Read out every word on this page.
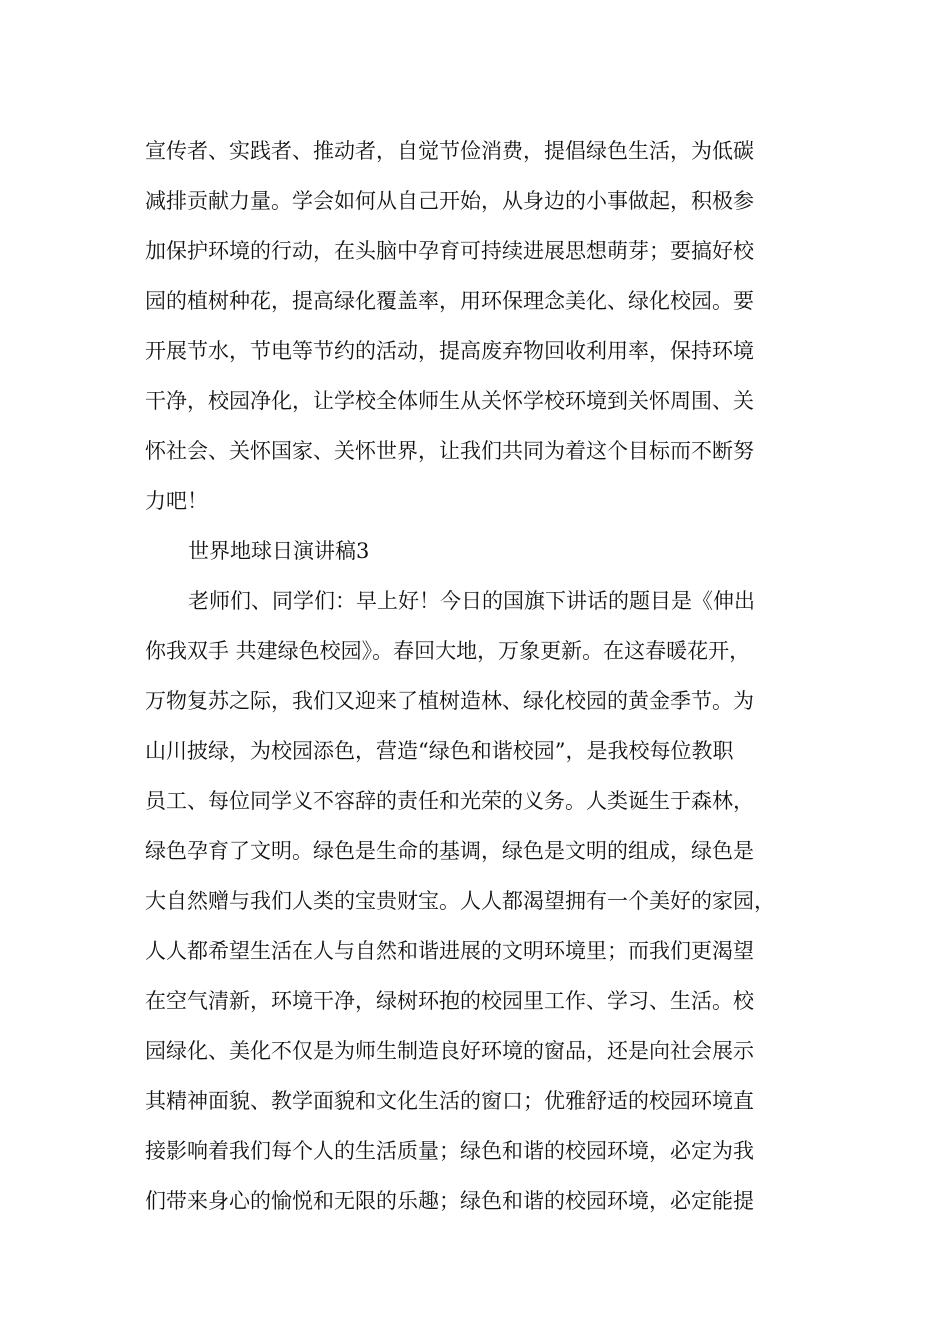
宣传者、实践者、推动者，自觉节俭消费，提倡绿色生活，为低碳

减排贡献力量。学会如何从自己开始，从身边的小事做起，积极参

加保护环境的行动，在头脑中孕育可持续进展思想萌芽；要搞好校

园的植树种花，提高绿化覆盖率，用环保理念美化、绿化校园。要

开展节水，节电等节约的活动，提高废弃物回收利用率，保持环境

干净，校园净化，让学校全体师生从关怀学校环境到关怀周围、关

怀社会、关怀国家、关怀世界，让我们共同为着这个目标而不断努

力吧！

世界地球日演讲稿3

老师们、同学们：早上好！今日的国旗下讲话的题目是《伸出

你我双手 共建绿色校园》。春回大地，万象更新。在这春暖花开，

万物复苏之际，我们又迎来了植树造林、绿化校园的黄金季节。为

山川披绿，为校园添色，营造“绿色和谐校园”，是我校每位教职

员工、每位同学义不容辞的责任和光荣的义务。人类诞生于森林，

绿色孕育了文明。绿色是生命的基调，绿色是文明的组成，绿色是

大自然赠与我们人类的宝贵财宝。人人都渴望拥有一个美好的家园，

人人都希望生活在人与自然和谐进展的文明环境里；而我们更渴望

在空气清新，环境干净，绿树环抱的校园里工作、学习、生活。校

园绿化、美化不仅是为师生制造良好环境的窗品，还是向社会展示

其精神面貌、教学面貌和文化生活的窗口；优雅舒适的校园环境直

接影响着我们每个人的生活质量；绿色和谐的校园环境，必定为我

们带来身心的愉悦和无限的乐趣；绿色和谐的校园环境，必定能提
